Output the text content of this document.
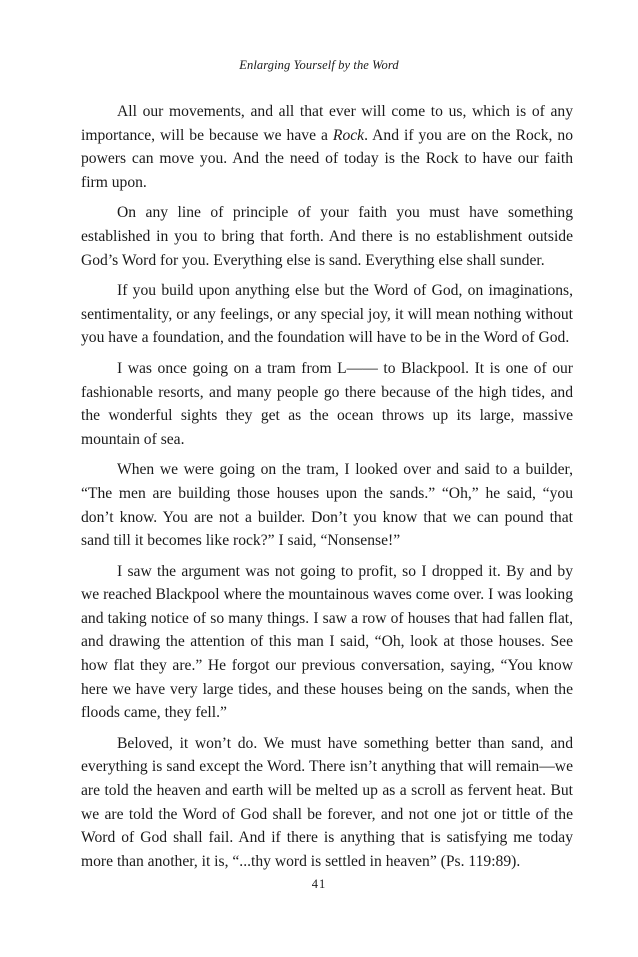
Enlarging Yourself by the Word

All our movements, and all that ever will come to us, which is of any importance, will be because we have a Rock. And if you are on the Rock, no powers can move you. And the need of today is the Rock to have our faith firm upon.

On any line of principle of your faith you must have something established in you to bring that forth. And there is no establishment outside God’s Word for you. Everything else is sand. Everything else shall sunder.

If you build upon anything else but the Word of God, on imaginations, sentimentality, or any feelings, or any special joy, it will mean nothing without you have a foundation, and the foundation will have to be in the Word of God.

I was once going on a tram from L—— to Blackpool. It is one of our fashionable resorts, and many people go there because of the high tides, and the wonderful sights they get as the ocean throws up its large, massive mountain of sea.

When we were going on the tram, I looked over and said to a builder, “The men are building those houses upon the sands.” “Oh,” he said, “you don’t know. You are not a builder. Don’t you know that we can pound that sand till it becomes like rock?” I said, “Nonsense!”

I saw the argument was not going to profit, so I dropped it. By and by we reached Blackpool where the mountainous waves come over. I was looking and taking notice of so many things. I saw a row of houses that had fallen flat, and drawing the attention of this man I said, “Oh, look at those houses. See how flat they are.” He forgot our previous conversation, saying, “You know here we have very large tides, and these houses being on the sands, when the floods came, they fell.”

Beloved, it won’t do. We must have something better than sand, and everything is sand except the Word. There isn’t anything that will remain—we are told the heaven and earth will be melted up as a scroll as fervent heat. But we are told the Word of God shall be forever, and not one jot or tittle of the Word of God shall fail. And if there is anything that is satisfying me today more than another, it is, “...thy word is settled in heaven” (Ps. 119:89).

41
